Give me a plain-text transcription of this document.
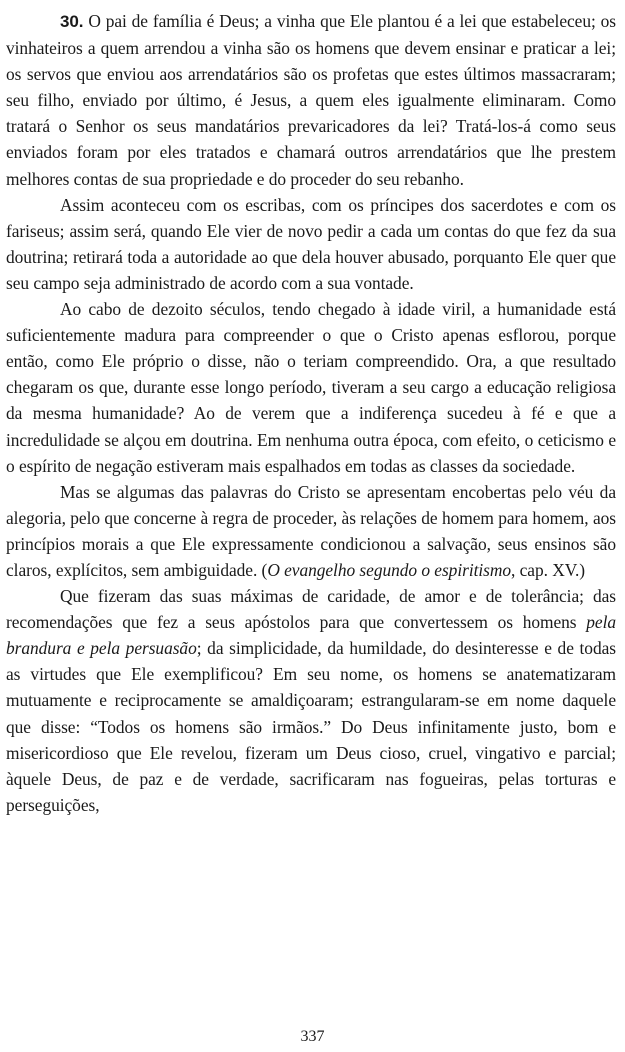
30. O pai de família é Deus; a vinha que Ele plantou é a lei que estabeleceu; os vinhateiros a quem arrendou a vinha são os homens que devem ensinar e praticar a lei; os servos que enviou aos arrendatários são os profetas que estes últimos massacraram; seu filho, enviado por último, é Jesus, a quem eles igualmente eliminaram. Como tratará o Senhor os seus mandatários prevaricadores da lei? Tratá-los-á como seus enviados foram por eles tratados e chamará outros arrendatários que lhe prestem melhores contas de sua propriedade e do proceder do seu rebanho.

Assim aconteceu com os escribas, com os príncipes dos sacerdotes e com os fariseus; assim será, quando Ele vier de novo pedir a cada um contas do que fez da sua doutrina; retirará toda a autoridade ao que dela houver abusado, porquanto Ele quer que seu campo seja administrado de acordo com a sua vontade.

Ao cabo de dezoito séculos, tendo chegado à idade viril, a humanidade está suficientemente madura para compreender o que o Cristo apenas esflorou, porque então, como Ele próprio o disse, não o teriam compreendido. Ora, a que resultado chegaram os que, durante esse longo período, tiveram a seu cargo a educação religiosa da mesma humanidade? Ao de verem que a indiferença sucedeu à fé e que a incredulidade se alçou em doutrina. Em nenhuma outra época, com efeito, o ceticismo e o espírito de negação estiveram mais espalhados em todas as classes da sociedade.

Mas se algumas das palavras do Cristo se apresentam encobertas pelo véu da alegoria, pelo que concerne à regra de proceder, às relações de homem para homem, aos princípios morais a que Ele expressamente condicionou a salvação, seus ensinos são claros, explícitos, sem ambiguidade. (O evangelho segundo o espiritismo, cap. XV.)

Que fizeram das suas máximas de caridade, de amor e de tolerância; das recomendações que fez a seus apóstolos para que convertessem os homens pela brandura e pela persuasão; da simplicidade, da humildade, do desinteresse e de todas as virtudes que Ele exemplificou? Em seu nome, os homens se anatematizaram mutuamente e reciprocamente se amaldiçoaram; estrangularam-se em nome daquele que disse: “Todos os homens são irmãos.” Do Deus infinitamente justo, bom e misericordioso que Ele revelou, fizeram um Deus cioso, cruel, vingativo e parcial; àquele Deus, de paz e de verdade, sacrificaram nas fogueiras, pelas torturas e perseguições,

337
